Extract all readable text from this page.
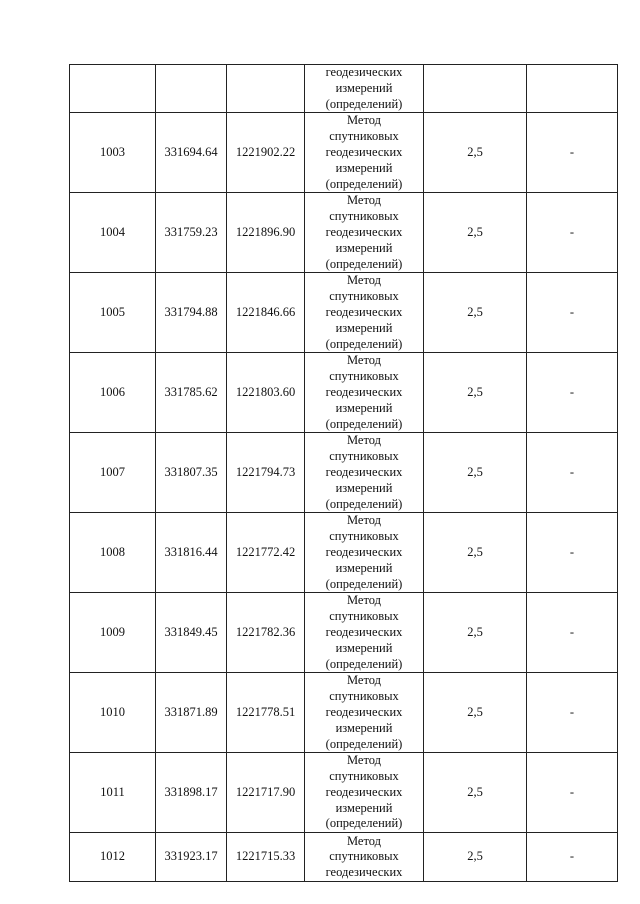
			геодезических
измерений
(определений)		

1003	331694.64	1221902.22	Метод
спутниковых
геодезических
измерений
(определений)	2,5	-
1004	331759.23	1221896.90	Метод
спутниковых
геодезических
измерений
(определений)	2,5	-
1005	331794.88	1221846.66	Метод
спутниковых
геодезических
измерений
(определений)	2,5	-
1006	331785.62	1221803.60	Метод
спутниковых
геодезических
измерений
(определений)	2,5	-
1007	331807.35	1221794.73	Метод
спутниковых
геодезических
измерений
(определений)	2,5	-
1008	331816.44	1221772.42	Метод
спутниковых
геодезических
измерений
(определений)	2,5	-
1009	331849.45	1221782.36	Метод
спутниковых
геодезических
измерений
(определений)	2,5	-
1010	331871.89	1221778.51	Метод
спутниковых
геодезических
измерений
(определений)	2,5	-
1011	331898.17	1221717.90	Метод
спутниковых
геодезических
измерений
(определений)	2,5	-
1012	331923.17	1221715.33	Метод
спутниковых
геодезических	2,5	-
